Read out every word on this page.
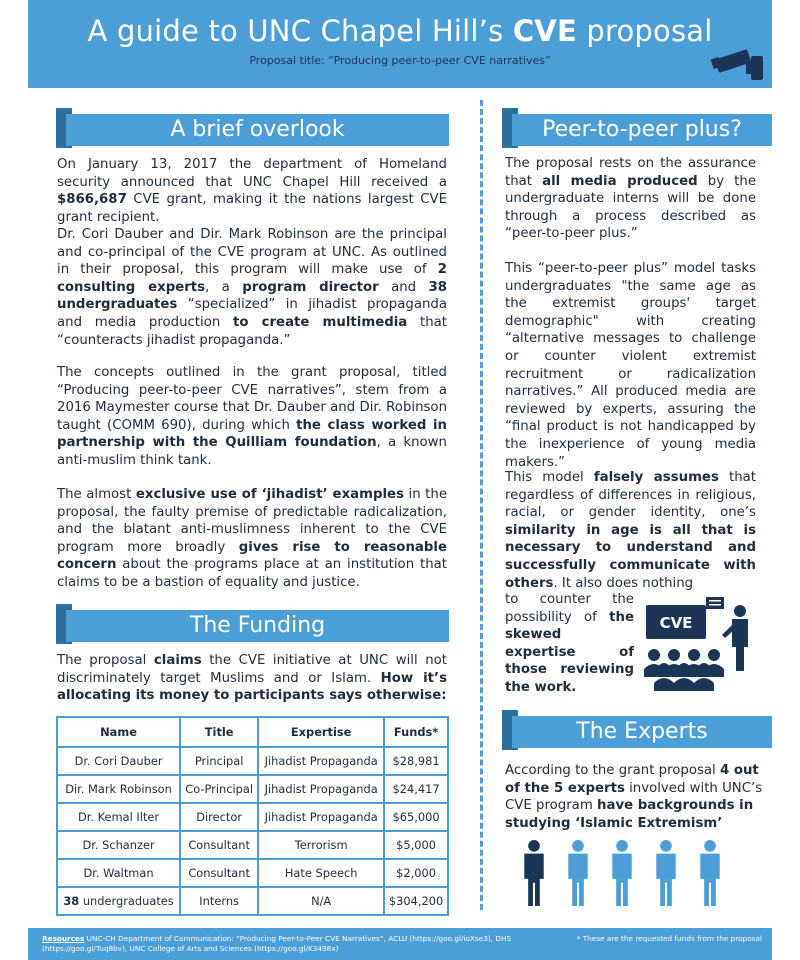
A guide to UNC Chapel Hill’s CVE proposal
Proposal title: “Producing peer-to-peer CVE narratives”
A brief overlook
On January 13, 2017 the department of Homeland security announced that UNC Chapel Hill received a $866,687 CVE grant, making it the nations largest CVE grant recipient.
Dr. Cori Dauber and Dir. Mark Robinson are the principal and co-principal of the CVE program at UNC. As outlined in their proposal, this program will make use of 2 consulting experts, a program director and 38 undergraduates “specialized” in jihadist propaganda and media production to create multimedia that “counteracts jihadist propaganda.”
The concepts outlined in the grant proposal, titled “Producing peer-to-peer CVE narratives”, stem from a 2016 Maymester course that Dr. Dauber and Dir. Robinson taught (COMM 690), during which the class worked in partnership with the Quilliam foundation, a known anti-muslim think tank.
The almost exclusive use of ‘jihadist’ examples in the proposal, the faulty premise of predictable radicalization, and the blatant anti-muslimness inherent to the CVE program more broadly gives rise to reasonable concern about the programs place at an institution that claims to be a bastion of equality and justice.
The Funding
The proposal claims the CVE initiative at UNC will not discriminately target Muslims and or Islam. How it’s allocating its money to participants says otherwise:
Name	Title	Expertise	Funds*
Dr. Cori Dauber	Principal	Jihadist Propaganda	$28,981
Dir. Mark Robinson	Co-Principal	Jihadist Propaganda	$24,417
Dr. Kemal Ilter	Director	Jihadist Propaganda	$65,000
Dr. Schanzer	Consultant	Terrorism	$5,000
Dr. Waltman	Consultant	Hate Speech	$2,000
38 undergraduates	Interns	N/A	$304,200
Peer-to-peer plus?
The proposal rests on the assurance that all media produced by the undergraduate interns will be done through a process described as “peer-to-peer plus.”
This “peer-to-peer plus” model tasks undergraduates "the same age as the extremist groups' target demographic" with creating “alternative messages to challenge or counter violent extremist recruitment or radicalization narratives.” All produced media are reviewed by experts, assuring the “final product is not handicapped by the inexperience of young media makers.”
This model falsely assumes that regardless of differences in religious, racial, or gender identity, one’s similarity in age is all that is necessary to understand and successfully communicate with others. It also does nothing
to counter the possibility of the skewed expertise of those reviewing the work.
CVE
The Experts
According to the grant proposal 4 out of the 5 experts involved with UNC’s CVE program have backgrounds in studying ‘Islamic Extremism’
Resources UNC-CH Department of Communication: “Producing Peer-to-Peer CVE Narratives”, ACLU (https://goo.gl/ioXse3), DHS (https://goo.gl/Tuq8bv), UNC College of Arts and Sciences (https://goo.gl/K3498x)
* These are the requested funds from the proposal
